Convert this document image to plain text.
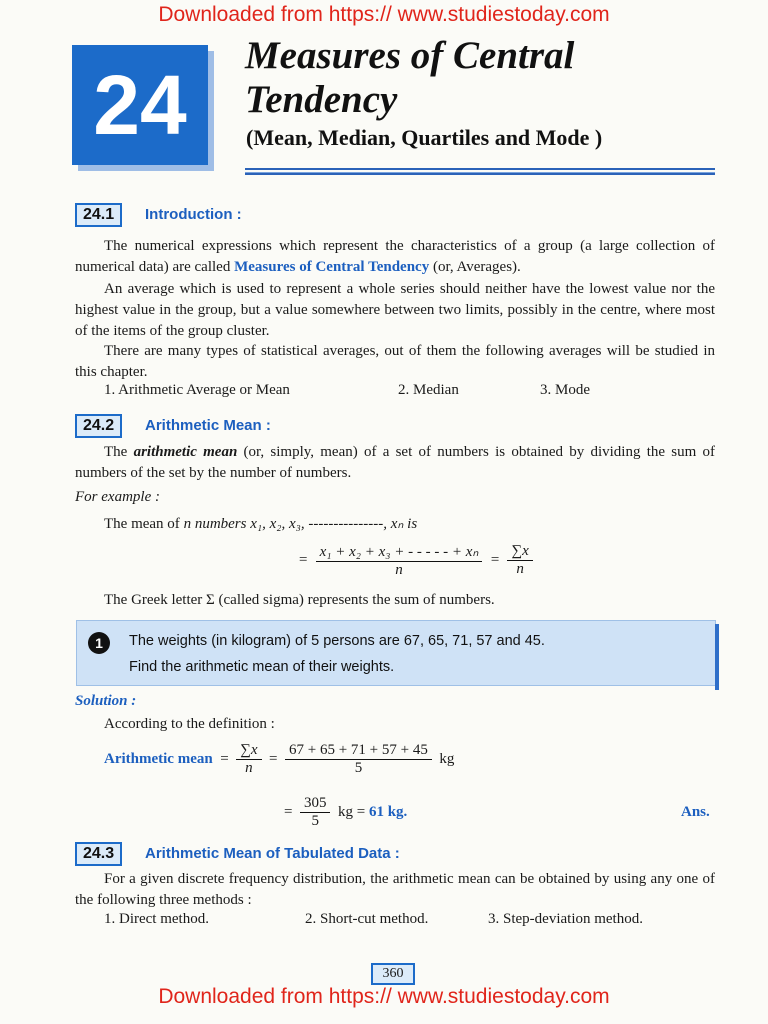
Downloaded from https:// www.studiestoday.com
24
Measures of Central Tendency
(Mean, Median, Quartiles and Mode )
24.1	Introduction :
The numerical expressions which represent the characteristics of a group (a large collection of numerical data) are called Measures of Central Tendency (or, Averages).
An average which is used to represent a whole series should neither have the lowest value nor the highest value in the group, but a value somewhere between two limits, possibly in the centre, where most of the items of the group cluster.
There are many types of statistical averages, out of them the following averages will be studied in this chapter.
1. Arithmetic Average or Mean	2. Median	3. Mode
24.2	Arithmetic Mean :
The arithmetic mean (or, simply, mean) of a set of numbers is obtained by dividing the sum of numbers of the set by the number of numbers.
For example :
The mean of n numbers x₁, x₂, x₃, ---------------, xₙ is
= $\frac{\text{x₁ + x₂ + x₃ + - - - - - + xₙ}}{n} = \frac{\sum x}{n}$
The Greek letter Σ (called sigma) represents the sum of numbers.
1	The weights (in kilogram) of 5 persons are 67, 65, 71, 57 and 45.
Find the arithmetic mean of their weights.
Solution :
According to the definition :
Arithmetic mean  = $\frac{\sum x}{n} = \frac{67 + 65 + 71 + 57 + 45}{5}$ kg
= $\frac{305}{5}$ kg = 61 kg.	Ans.
24.3	Arithmetic Mean of Tabulated Data :
For a given discrete frequency distribution, the arithmetic mean can be obtained by using any one of the following three methods :
1. Direct method.	2. Short-cut method.	3. Step-deviation method.
360
Downloaded from https:// www.studiestoday.com
